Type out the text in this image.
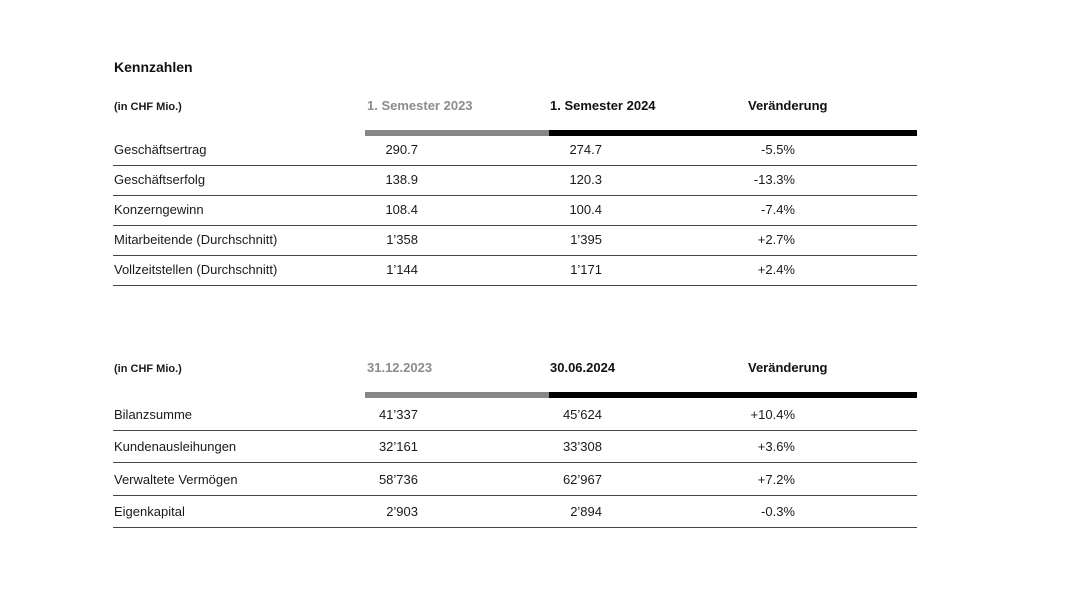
Kennzahlen
(in CHF Mio.)	1. Semester 2023	1. Semester 2024	Veränderung
Geschäftsertrag	290.7	274.7	-5.5%
Geschäftserfolg	138.9	120.3	-13.3%
Konzerngewinn	108.4	100.4	-7.4%
Mitarbeitende (Durchschnitt)	1’358	1’395	+2.7%
Vollzeitstellen (Durchschnitt)	1’144	1’171	+2.4%
(in CHF Mio.)	31.12.2023	30.06.2024	Veränderung
Bilanzsumme	41’337	45’624	+10.4%
Kundenausleihungen	32’161	33’308	+3.6%
Verwaltete Vermögen	58’736	62’967	+7.2%
Eigenkapital	2’903	2’894	-0.3%
